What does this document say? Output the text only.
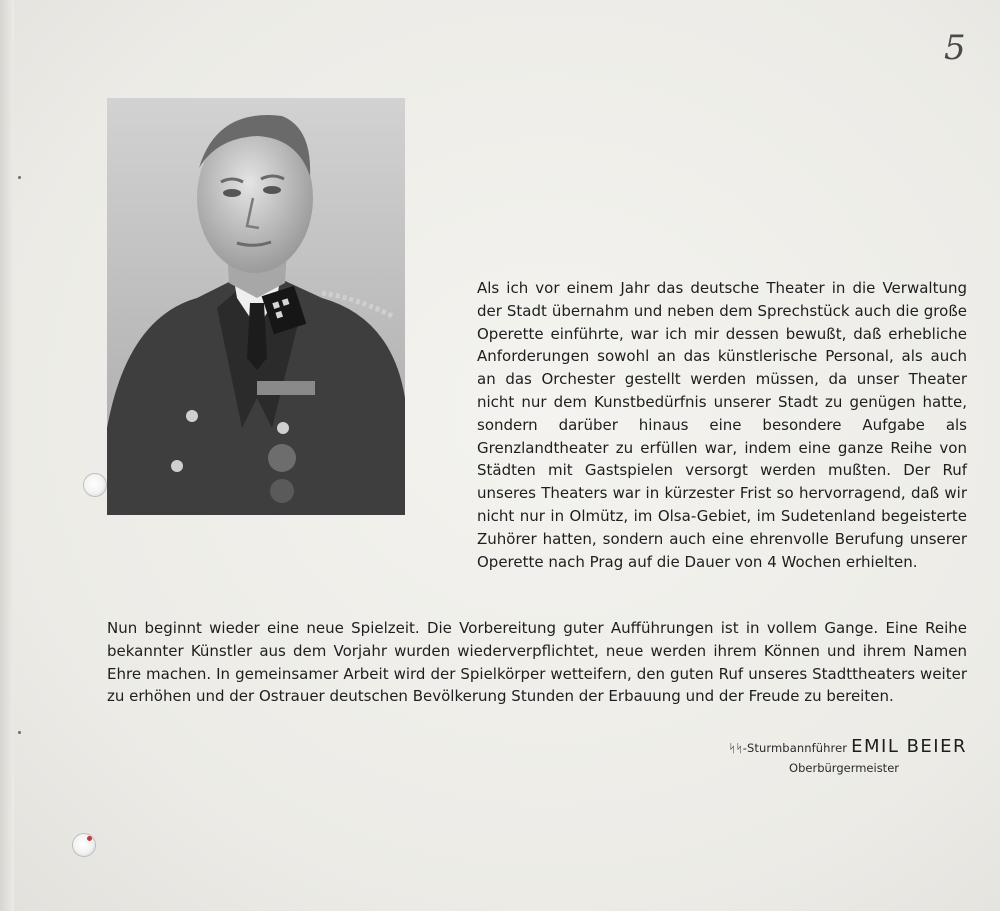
5

Als ich vor einem Jahr das deutsche Theater in die Verwaltung der Stadt übernahm und neben dem Sprechstück auch die große Operette einführte, war ich mir dessen bewußt, daß erhebliche Anforderungen sowohl an das künstlerische Personal, als auch an das Orchester gestellt werden müssen, da unser Theater nicht nur dem Kunstbedürfnis unserer Stadt zu genügen hatte, sondern darüber hinaus eine besondere Aufgabe als Grenzlandtheater zu erfüllen war, indem eine ganze Reihe von Städten mit Gastspielen versorgt werden mußten. Der Ruf unseres Theaters war in kürzester Frist so hervorragend, daß wir nicht nur in Olmütz, im Olsa-Gebiet, im Sudetenland begeisterte Zuhörer hatten, sondern auch eine ehrenvolle Berufung unserer Operette nach Prag auf die Dauer von 4 Wochen erhielten.

Nun beginnt wieder eine neue Spielzeit. Die Vorbereitung guter Aufführungen ist in vollem Gange. Eine Reihe bekannter Künstler aus dem Vorjahr wurden wiederverpflichtet, neue werden ihrem Können und ihrem Namen Ehre machen. In gemeinsamer Arbeit wird der Spielkörper wetteifern, den guten Ruf unseres Stadttheaters weiter zu erhöhen und der Ostrauer deutschen Bevölkerung Stunden der Erbauung und der Freude zu bereiten.

ᛋᛋ-Sturmbannführer EMIL BEIER
Oberbürgermeister
